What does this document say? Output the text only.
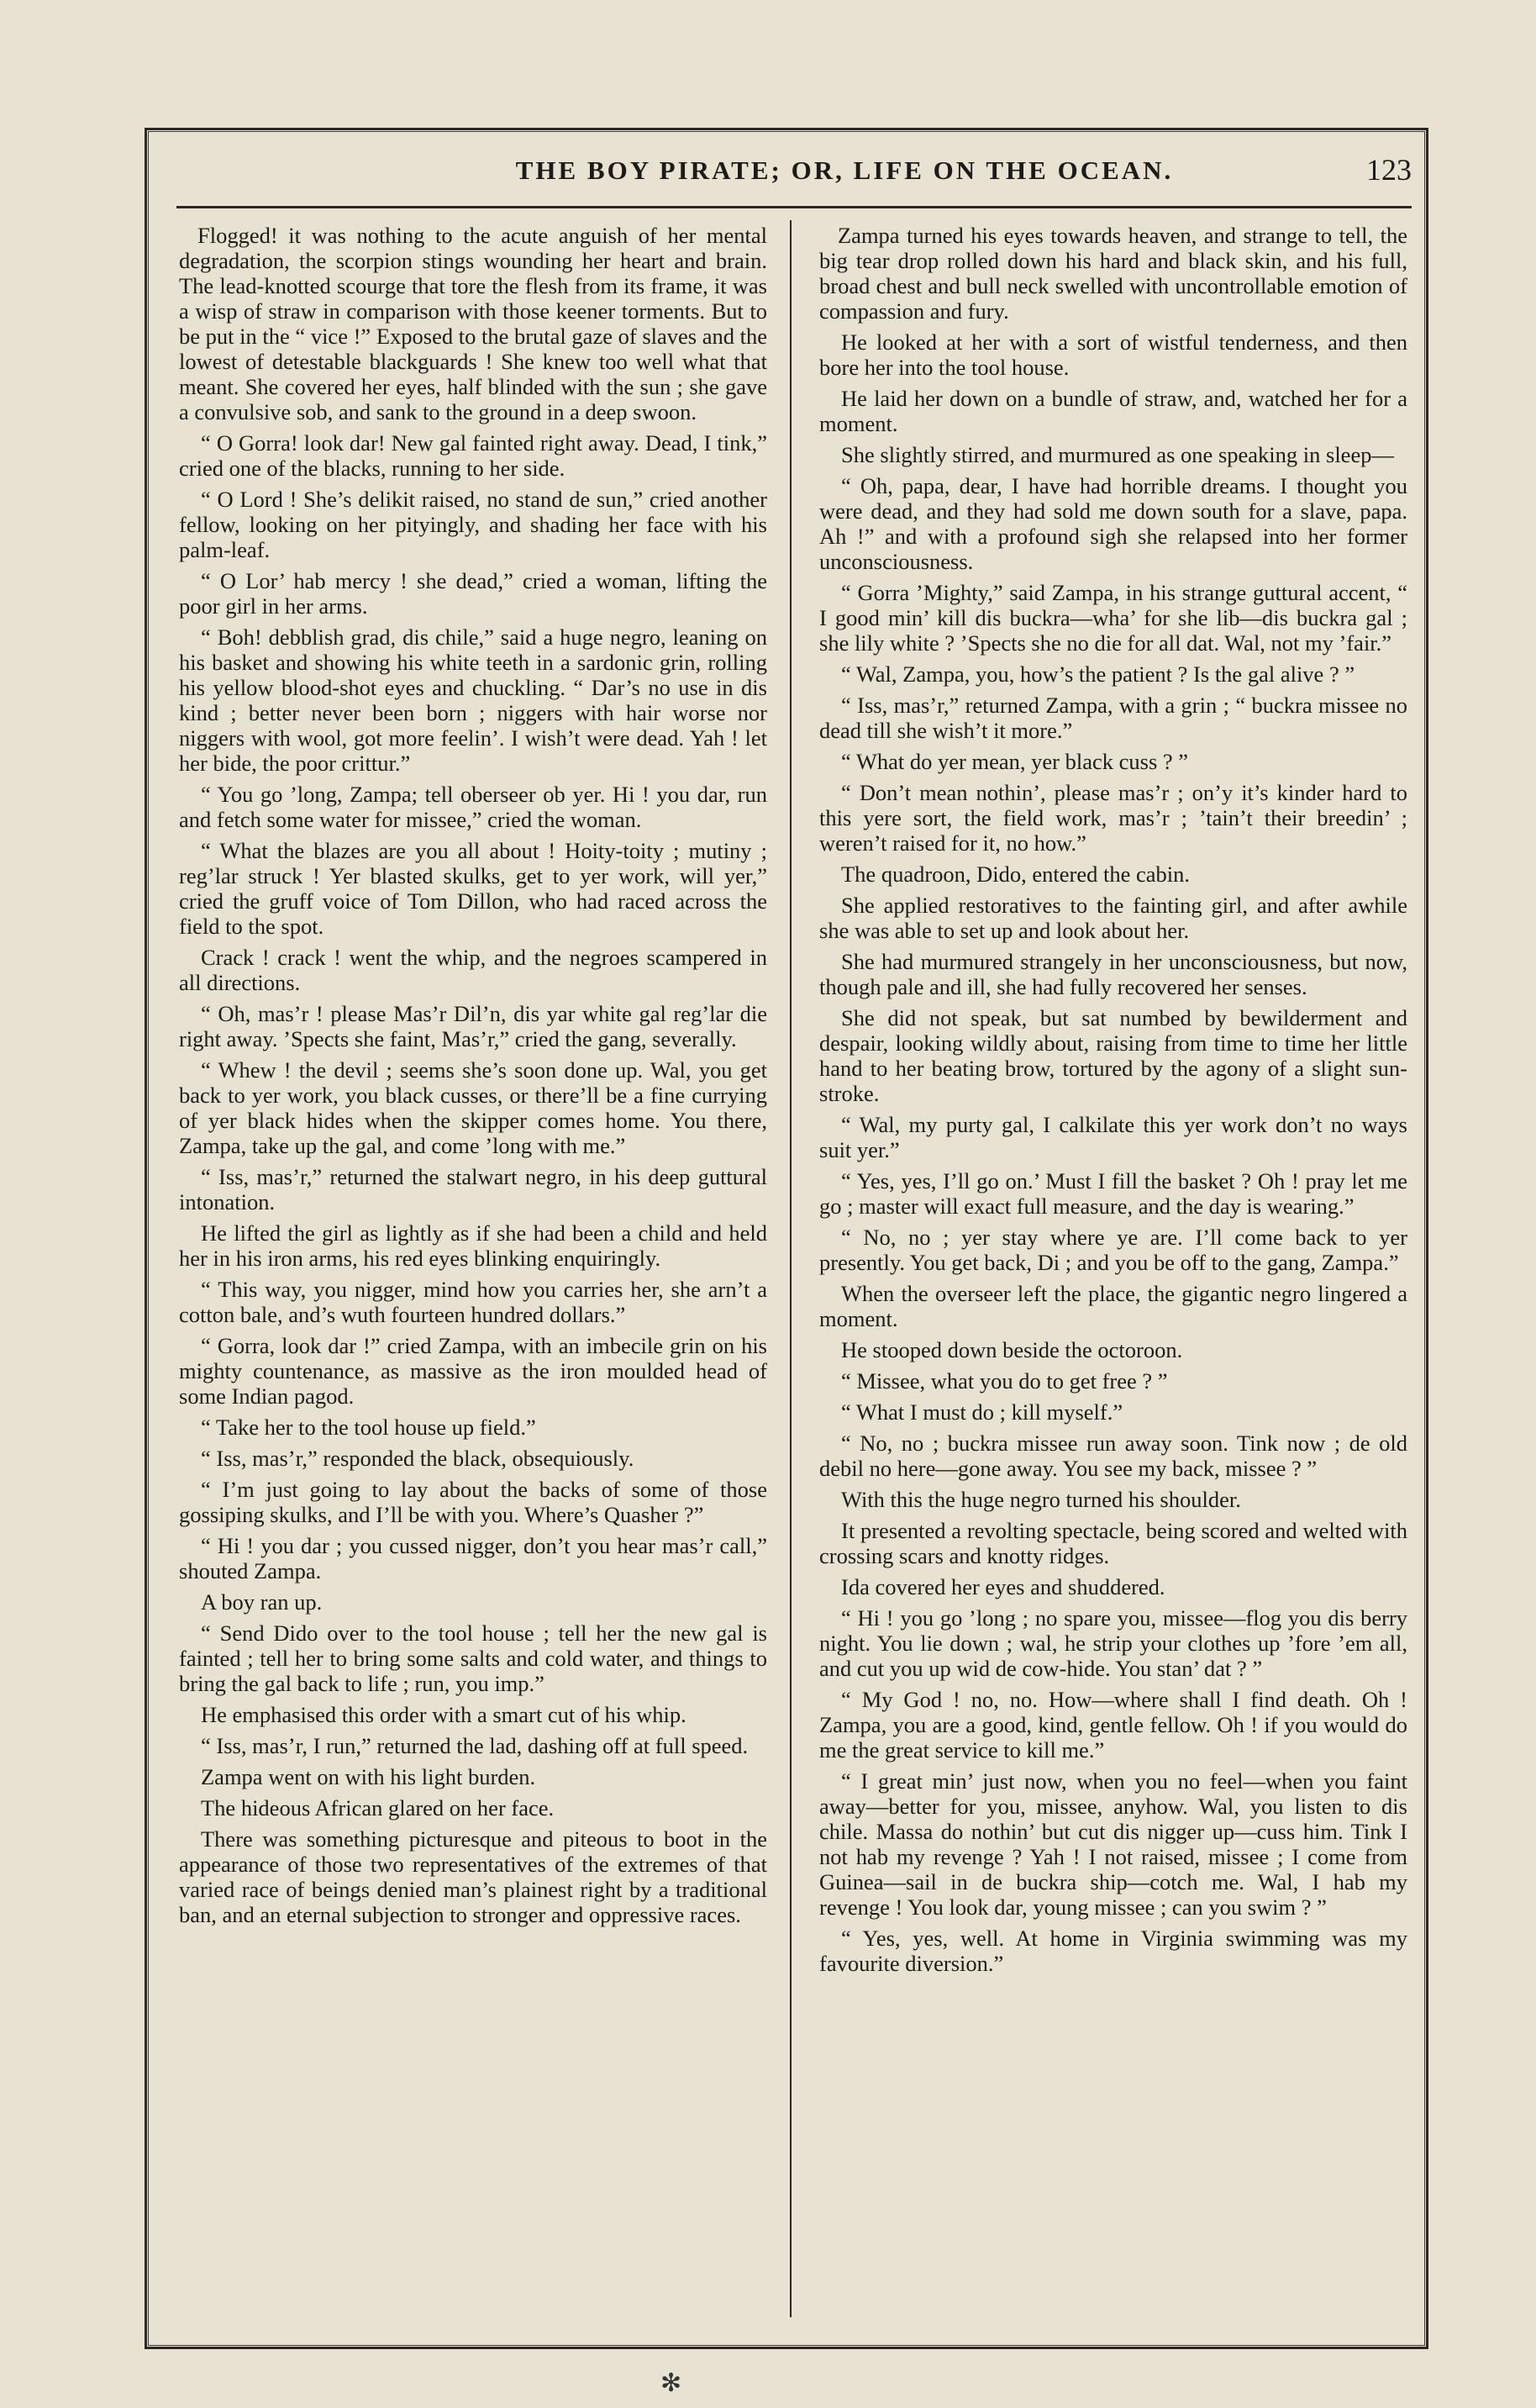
THE BOY PIRATE; OR, LIFE ON THE OCEAN.	123

Flogged! it was nothing to the acute anguish of her mental degradation, the scorpion stings wounding her heart and brain. The lead-knotted scourge that tore the flesh from its frame, it was a wisp of straw in comparison with those keener torments. But to be put in the “ vice !” Exposed to the brutal gaze of slaves and the lowest of detestable blackguards ! She knew too well what that meant. She covered her eyes, half blinded with the sun ; she gave a convulsive sob, and sank to the ground in a deep swoon.

“ O Gorra! look dar! New gal fainted right away. Dead, I tink,” cried one of the blacks, running to her side.

“ O Lord ! She’s delikit raised, no stand de sun,” cried another fellow, looking on her pityingly, and shading her face with his palm-leaf.

“ O Lor’ hab mercy ! she dead,” cried a woman, lifting the poor girl in her arms.

“ Boh! debblish grad, dis chile,” said a huge negro, leaning on his basket and showing his white teeth in a sardonic grin, rolling his yellow blood-shot eyes and chuckling. “ Dar’s no use in dis kind ; better never been born ; niggers with hair worse nor niggers with wool, got more feelin’. I wish’t were dead. Yah ! let her bide, the poor crittur.”

“ You go ’long, Zampa; tell oberseer ob yer. Hi ! you dar, run and fetch some water for missee,” cried the woman.

“ What the blazes are you all about ! Hoity-toity ; mutiny ; reg’lar struck ! Yer blasted skulks, get to yer work, will yer,” cried the gruff voice of Tom Dillon, who had raced across the field to the spot.

Crack ! crack ! went the whip, and the negroes scampered in all directions.

“ Oh, mas’r ! please Mas’r Dil’n, dis yar white gal reg’lar die right away. ’Spects she faint, Mas’r,” cried the gang, severally.

“ Whew ! the devil ; seems she’s soon done up. Wal, you get back to yer work, you black cusses, or there’ll be a fine currying of yer black hides when the skipper comes home. You there, Zampa, take up the gal, and come ’long with me.”

“ Iss, mas’r,” returned the stalwart negro, in his deep guttural intonation.

He lifted the girl as lightly as if she had been a child and held her in his iron arms, his red eyes blinking enquiringly.

“ This way, you nigger, mind how you carries her, she arn’t a cotton bale, and’s wuth fourteen hundred dollars.”

“ Gorra, look dar !” cried Zampa, with an imbecile grin on his mighty countenance, as massive as the iron moulded head of some Indian pagod.

“ Take her to the tool house up field.”

“ Iss, mas’r,” responded the black, obsequiously.

“ I’m just going to lay about the backs of some of those gossiping skulks, and I’ll be with you. Where’s Quasher ?”

“ Hi ! you dar ; you cussed nigger, don’t you hear mas’r call,” shouted Zampa.

A boy ran up.

“ Send Dido over to the tool house ; tell her the new gal is fainted ; tell her to bring some salts and cold water, and things to bring the gal back to life ; run, you imp.”

He emphasised this order with a smart cut of his whip.

“ Iss, mas’r, I run,” returned the lad, dashing off at full speed.

Zampa went on with his light burden.

The hideous African glared on her face.

There was something picturesque and piteous to boot in the appearance of those two representatives of the extremes of that varied race of beings denied man’s plainest right by a traditional ban, and an eternal subjection to stronger and oppressive races.

Zampa turned his eyes towards heaven, and strange to tell, the big tear drop rolled down his hard and black skin, and his full, broad chest and bull neck swelled with uncontrollable emotion of compassion and fury.

He looked at her with a sort of wistful tenderness, and then bore her into the tool house.

He laid her down on a bundle of straw, and, watched her for a moment.

She slightly stirred, and murmured as one speaking in sleep—

“ Oh, papa, dear, I have had horrible dreams. I thought you were dead, and they had sold me down south for a slave, papa. Ah !” and with a profound sigh she relapsed into her former unconsciousness.

“ Gorra ’Mighty,” said Zampa, in his strange guttural accent, “ I good min’ kill dis buckra—wha’ for she lib—dis buckra gal ; she lily white ? ’Spects she no die for all dat. Wal, not my ’fair.”

“ Wal, Zampa, you, how’s the patient ? Is the gal alive ? ”

“ Iss, mas’r,” returned Zampa, with a grin ; “ buckra missee no dead till she wish’t it more.”

“ What do yer mean, yer black cuss ? ”

“ Don’t mean nothin’, please mas’r ; on’y it’s kinder hard to this yere sort, the field work, mas’r ; ’tain’t their breedin’ ; weren’t raised for it, no how.”

The quadroon, Dido, entered the cabin.

She applied restoratives to the fainting girl, and after awhile she was able to set up and look about her.

She had murmured strangely in her unconsciousness, but now, though pale and ill, she had fully recovered her senses.

She did not speak, but sat numbed by bewilderment and despair, looking wildly about, raising from time to time her little hand to her beating brow, tortured by the agony of a slight sun-stroke.

“ Wal, my purty gal, I calkilate this yer work don’t no ways suit yer.”

“ Yes, yes, I’ll go on.’ Must I fill the basket ? Oh ! pray let me go ; master will exact full measure, and the day is wearing.”

“ No, no ; yer stay where ye are. I’ll come back to yer presently. You get back, Di ; and you be off to the gang, Zampa.”

When the overseer left the place, the gigantic negro lingered a moment.

He stooped down beside the octoroon.

“ Missee, what you do to get free ? ”

“ What I must do ; kill myself.”

“ No, no ; buckra missee run away soon. Tink now ; de old debil no here—gone away. You see my back, missee ? ”

With this the huge negro turned his shoulder.

It presented a revolting spectacle, being scored and welted with crossing scars and knotty ridges.

Ida covered her eyes and shuddered.

“ Hi ! you go ’long ; no spare you, missee—flog you dis berry night. You lie down ; wal, he strip your clothes up ’fore ’em all, and cut you up wid de cow-hide. You stan’ dat ? ”

“ My God ! no, no. How—where shall I find death. Oh ! Zampa, you are a good, kind, gentle fellow. Oh ! if you would do me the great service to kill me.”

“ I great min’ just now, when you no feel—when you faint away—better for you, missee, anyhow. Wal, you listen to dis chile. Massa do nothin’ but cut dis nigger up—cuss him. Tink I not hab my revenge ? Yah ! I not raised, missee ; I come from Guinea—sail in de buckra ship—cotch me. Wal, I hab my revenge ! You look dar, young missee ; can you swim ? ”

“ Yes, yes, well. At home in Virginia swimming was my favourite diversion.”

✻
